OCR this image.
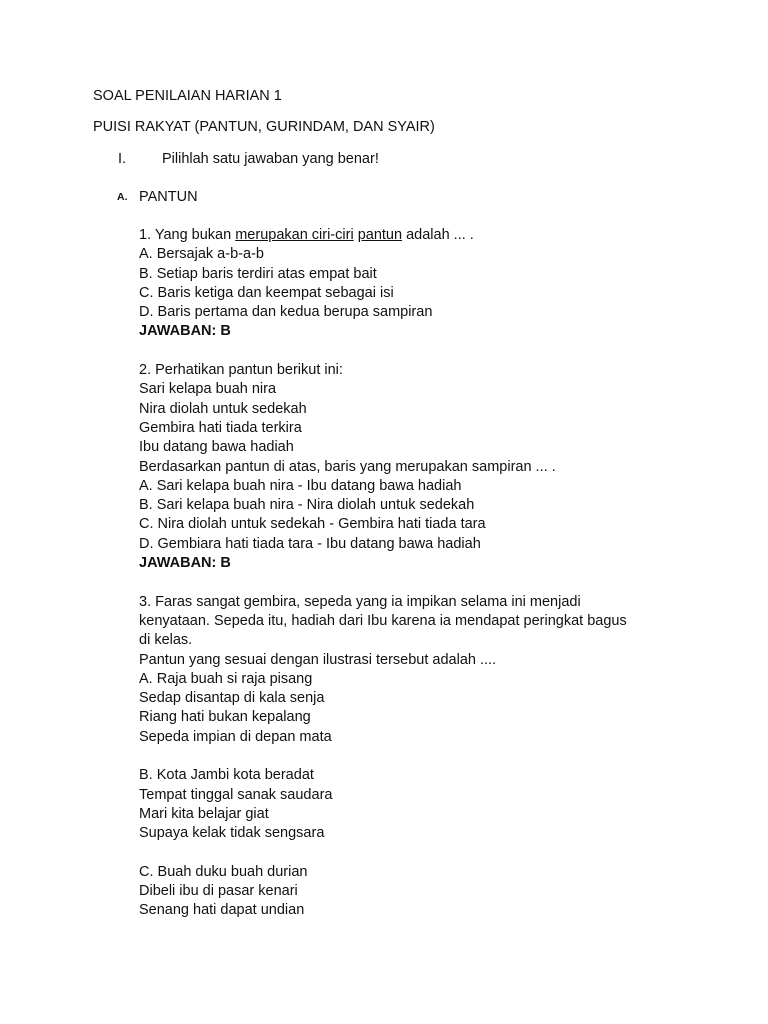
SOAL PENILAIAN HARIAN 1
PUISI RAKYAT (PANTUN, GURINDAM, DAN SYAIR)
I. Pilihlah satu jawaban yang benar!
A. PANTUN
1. Yang bukan merupakan ciri-ciri pantun adalah ... .
A. Bersajak a-b-a-b
B. Setiap baris terdiri atas empat bait
C. Baris ketiga dan keempat sebagai isi
D. Baris pertama dan kedua berupa sampiran
JAWABAN: B
2. Perhatikan pantun berikut ini:
Sari kelapa buah nira
Nira diolah untuk sedekah
Gembira hati tiada terkira
Ibu datang bawa hadiah
Berdasarkan pantun di atas, baris yang merupakan sampiran ... .
A. Sari kelapa buah nira - Ibu datang bawa hadiah
B. Sari kelapa buah nira - Nira diolah untuk sedekah
C. Nira diolah untuk sedekah - Gembira hati tiada tara
D. Gembiara hati tiada tara - Ibu datang bawa hadiah
JAWABAN: B
3. Faras sangat gembira, sepeda yang ia impikan selama ini menjadi
kenyataan. Sepeda itu, hadiah dari Ibu karena ia mendapat peringkat bagus
di kelas.
Pantun yang sesuai dengan ilustrasi tersebut adalah ....
A. Raja buah si raja pisang
Sedap disantap di kala senja
Riang hati bukan kepalang
Sepeda impian di depan mata
B. Kota Jambi kota beradat
Tempat tinggal sanak saudara
Mari kita belajar giat
Supaya kelak tidak sengsara
C. Buah duku buah durian
Dibeli ibu di pasar kenari
Senang hati dapat undian
